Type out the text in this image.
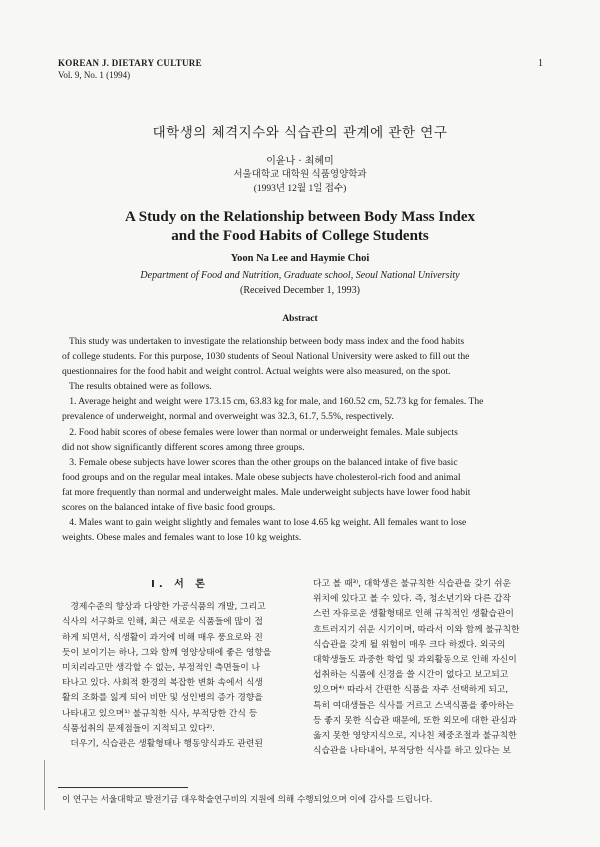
KOREAN J. DIETARY CULTURE
Vol. 9, No. 1 (1994)
1
대학생의 체격지수와 식습관의 관계에 관한 연구
이윤나 · 최혜미
서울대학교 대학원 식품영양학과
(1993년 12월 1일 접수)
A Study on the Relationship between Body Mass Index
and the Food Habits of College Students
Yoon Na Lee and Haymie Choi
Department of Food and Nutrition, Graduate school, Seoul National University
(Received December 1, 1993)
Abstract
This study was undertaken to investigate the relationship between body mass index and the food habits
of college students. For this purpose, 1030 students of Seoul National University were asked to fill out the
questionnaires for the food habit and weight control. Actual weights were also measured, on the spot.
The results obtained were as follows.
1. Average height and weight were 173.15 cm, 63.83 kg for male, and 160.52 cm, 52.73 kg for females. The
prevalence of underweight, normal and overweight was 32.3, 61.7, 5.5%, respectively.
2. Food habit scores of obese females were lower than normal or underweight females. Male subjects
did not show significantly different scores among three groups.
3. Female obese subjects have lower scores than the other groups on the balanced intake of five basic
food groups and on the regular meal intakes. Male obese subjects have cholesterol-rich food and animal
fat more frequently than normal and underweight males. Male underweight subjects have lower food habit
scores on the balanced intake of five basic food groups.
4. Males want to gain weight slightly and females want to lose 4.65 kg weight. All females want to lose
weights. Obese males and females want to lose 10 kg weights.
I. 서 론
경제수준의 향상과 다양한 가공식품의 개발, 그리고
식사의 서구화로 인해, 최근 새로운 식품들에 많이 접
하게 되면서, 식생활이 과거에 비해 매우 풍요로와 진
듯이 보이기는 하나, 그와 함께 영양상태에 좋은 영향을
미치리라고만 생각할 수 없는, 부정적인 측면들이 나
타나고 있다. 사회적 환경의 복잡한 변화 속에서 식생
활의 조화를 잃게 되어 비만 및 성인병의 증가 경향을
나타내고 있으며¹⁾ 불규칙한 식사, 부적당한 간식 등
식품섭취의 문제점들이 지적되고 있다²⁾.
더우기, 식습관은 생활형태나 행동양식과도 관련된
다고 볼 때³⁾, 대학생은 불규칙한 식습관을 갖기 쉬운
위치에 있다고 볼 수 있다. 즉, 청소년기와 다른 갑작
스런 자유로운 생활형태로 인해 규칙적인 생활습관이
흐트러지기 쉬운 시기이며, 따라서 이와 함께 불규칙한
식습관을 갖게 될 위험이 매우 크다 하겠다. 외국의
대학생들도 과중한 학업 및 과외활동으로 인해 자신이
섭취하는 식품에 신경을 쓸 시간이 없다고 보고되고
있으며⁴⁾ 따라서 간편한 식품을 자주 선택하게 되고,
특히 여대생들은 식사를 거르고 스낵식품을 좋아하는
등 좋지 못한 식습관 때문에, 또한 외모에 대한 관심과
옳지 못한 영양지식으로, 지나친 체중조절과 불규칙한
식습관을 나타내어, 부적당한 식사를 하고 있다는 보
이 연구는 서울대학교 발전기금 대우학술연구비의 지원에 의해 수행되었으며 이에 감사를 드립니다.
